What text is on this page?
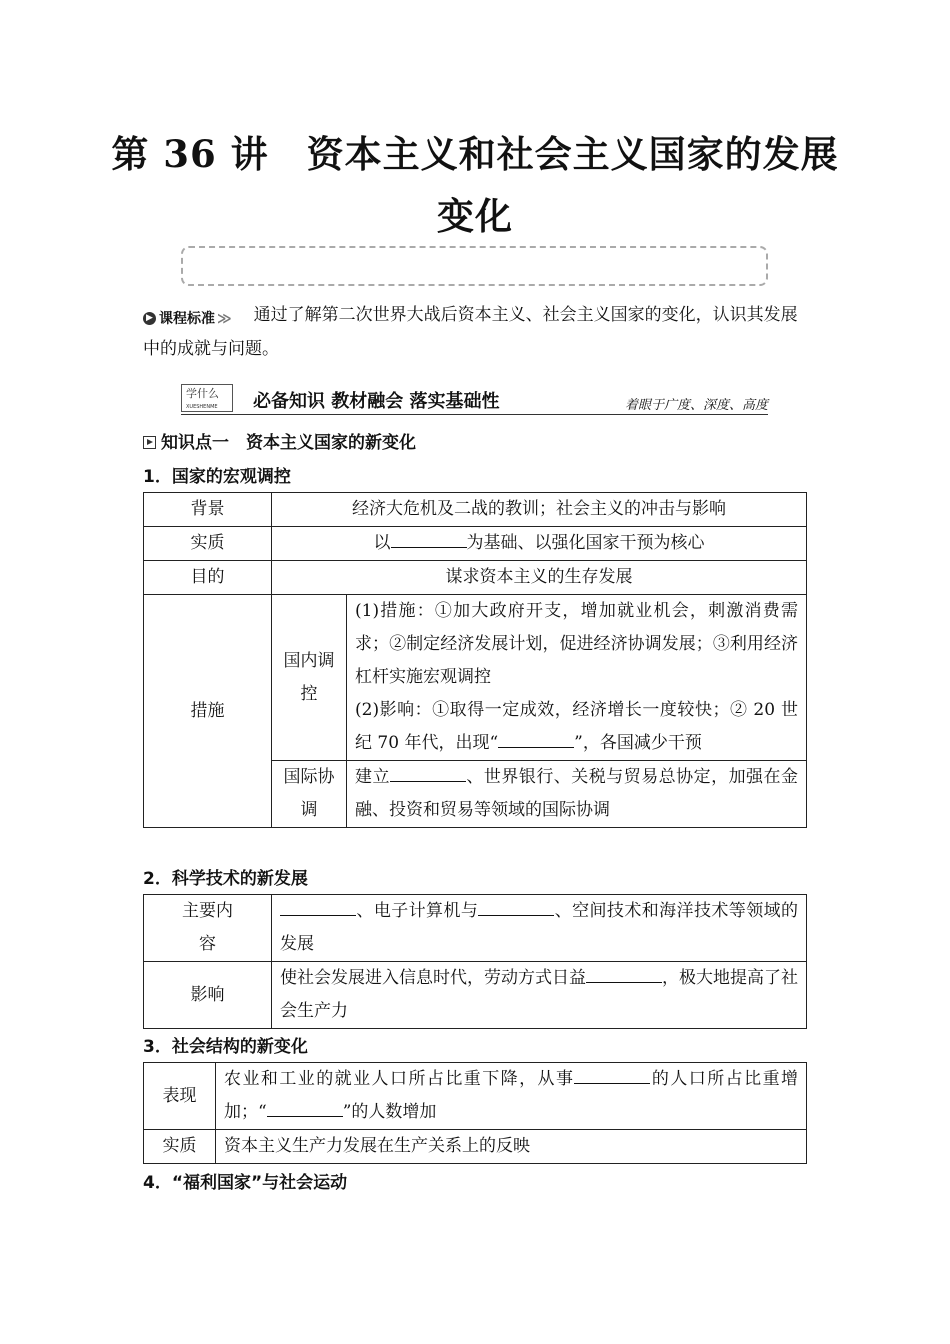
第 36 讲　资本主义和社会主义国家的发展
变化
▶ 课程标准 ≫ 通过了解第二次世界大战后资本主义、社会主义国家的变化，认识其发展中的成就与问题。
学什么
XUESHENME 必备知识 教材融会 落实基础性	着眼于广度、深度、高度
知识点一　资本主义国家的新变化
1．国家的宏观调控
背景	经济大危机及二战的教训；社会主义的冲击与影响	
实质	以 为基础、以强化国家干预为核心	
目的	谋求资本主义的生存发展	
措施	国内调控	(1)措施：①加大政府开支，增加就业机会，刺激消费需求；②制定经济发展计划，促进经济协调发展；③利用经济杠杆实施宏观调控
(2)影响：①取得一定成效，经济增长一度较快；② 20 世纪 70 年代，出现“ ”，各国减少干预

	国际协调	建立 、世界银行、关税与贸易总协定，加强在金融、投资和贸易等领域的国际协调
2．科学技术的新发展
主要内容	、电子计算机与 、空间技术和海洋技术等领域的发展
影响	使社会发展进入信息时代，劳动方式日益 ，极大地提高了社会生产力
3．社会结构的新变化
表现	农业和工业的就业人口所占比重下降，从事 的人口所占比重增加；“ ”的人数增加
实质	资本主义生产力发展在生产关系上的反映
4．“福利国家”与社会运动
